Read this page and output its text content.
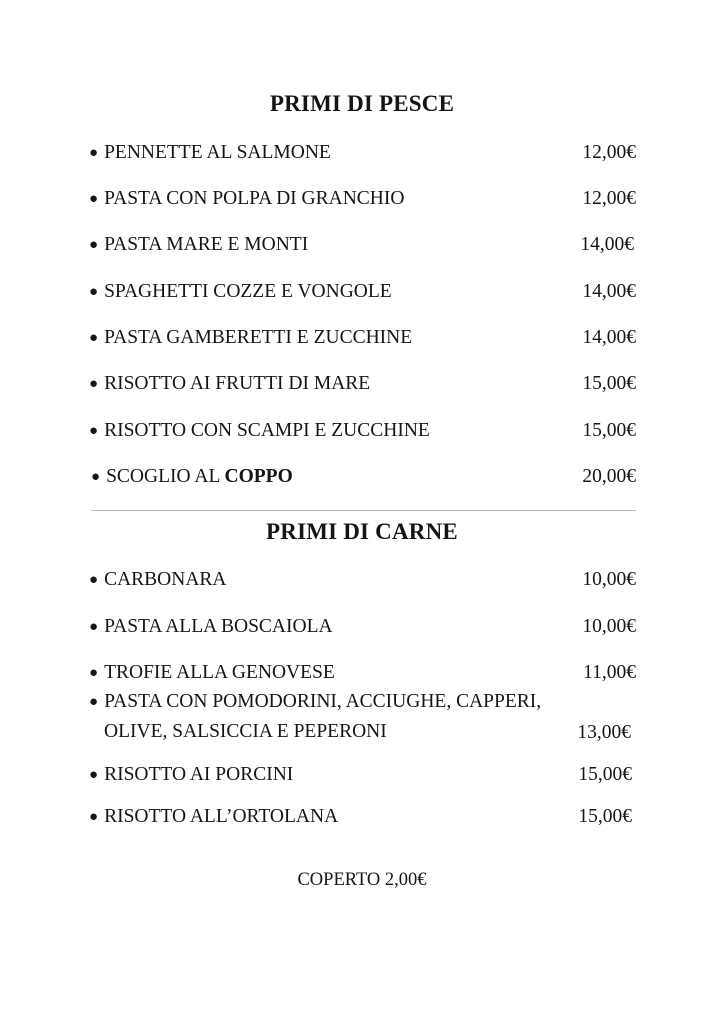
PRIMI DI PESCE
● PENNETTE AL SALMONE	12,00€
● PASTA CON POLPA DI GRANCHIO	12,00€
● PASTA MARE E MONTI	14,00€
● SPAGHETTI COZZE E VONGOLE	14,00€
● PASTA GAMBERETTI E ZUCCHINE	14,00€
● RISOTTO AI FRUTTI DI MARE	15,00€
● RISOTTO CON SCAMPI E ZUCCHINE	15,00€
● SCOGLIO AL COPPO	20,00€
PRIMI DI CARNE
● CARBONARA	10,00€
● PASTA ALLA BOSCAIOLA	10,00€
● TROFIE ALLA GENOVESE	11,00€
● PASTA CON POMODORINI, ACCIUGHE, CAPPERI,
OLIVE, SALSICCIA E PEPERONI	13,00€
● RISOTTO AI PORCINI	15,00€
● RISOTTO ALL’ORTOLANA	15,00€
COPERTO 2,00€
